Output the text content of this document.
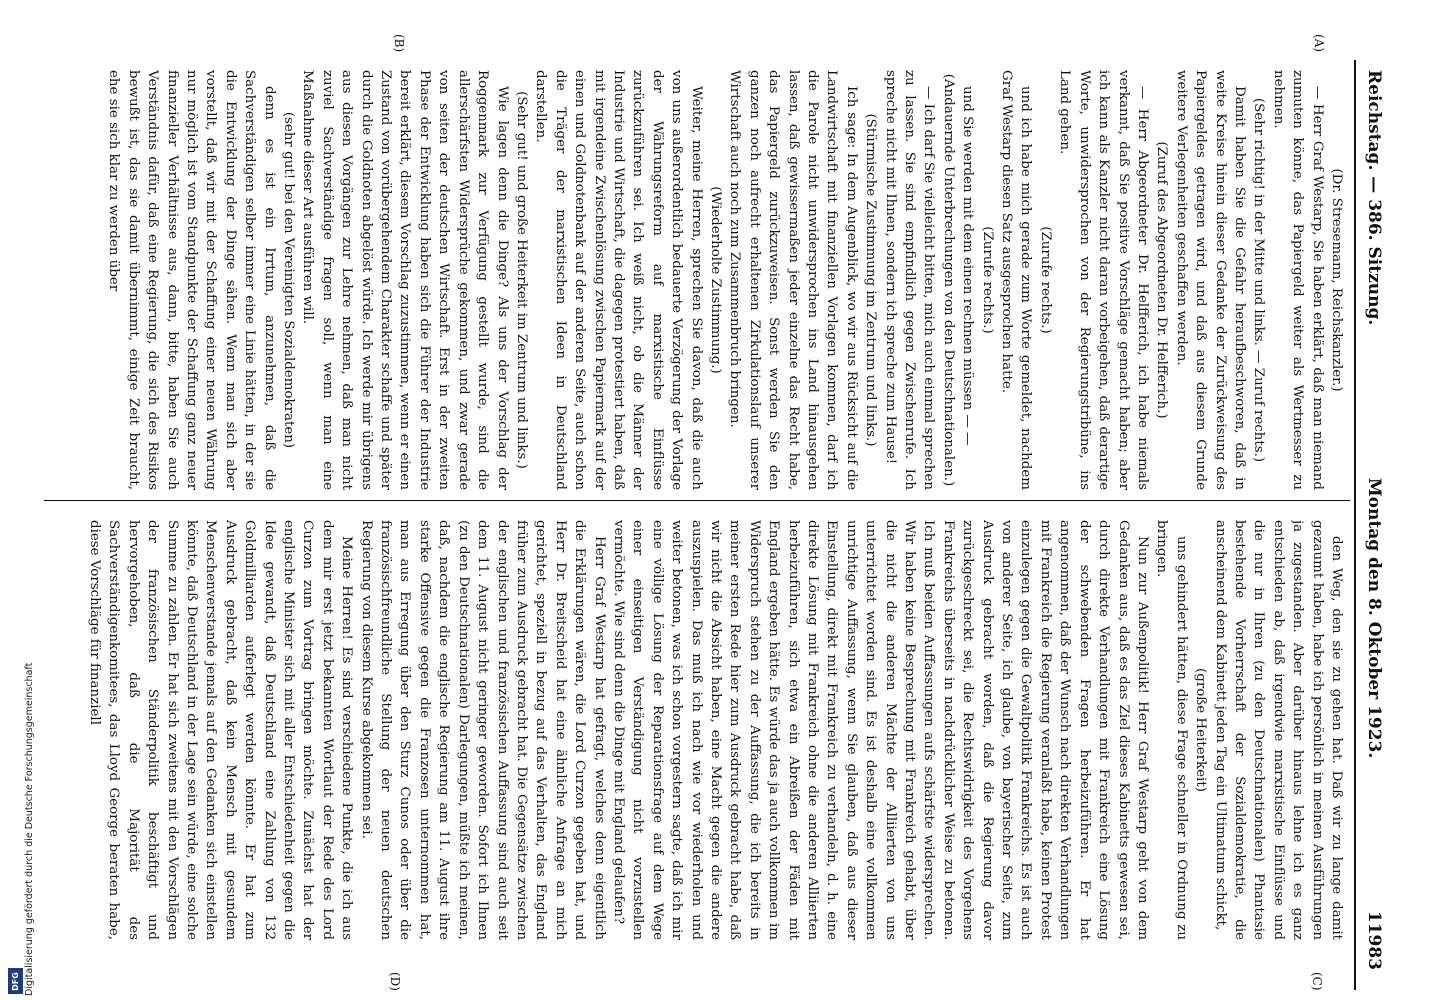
Digitalisierung gefördert durch die Deutsche Forschungsgemeinschaft
DFG
Reichstag. — 386. Sitzung.
Montag den 8. Oktober 1923.
11983
(A)
(B)
(C)
(D)

(Dr. Stresemann, Reichskanzler.)

— Herr Graf Westarp, Sie haben erklärt, daß man niemand zumuten könne, das Papiergeld weiter als Wertmesser zu nehmen.

(Sehr richtig! in der Mitte und links. — Zuruf rechts.)

Damit haben Sie die Gefahr heraufbeschworen, daß in weite Kreise hinein dieser Gedanke der Zurückweisung des Papiergeldes getragen wird, und daß aus diesem Grunde weitere Verlegenheiten geschaffen werden.

(Zuruf des Abgeordneten Dr. Helfferich.)

— Herr Abgeordneter Dr. Helfferich, ich habe niemals verkannt, daß Sie positive Vorschläge gemacht haben; aber ich kann als Kanzler nicht daran vorbeigehen, daß derartige Worte, unwidersprochen von der Regierungstribüne, ins Land gehen.

(Zurufe rechts.)

und ich habe mich gerade zum Worte gemeldet, nachdem Graf Westarp diesen Satz ausgesprochen hatte.

(Zurufe rechts.)

und Sie werden mit dem einen rechnen müssen — —

(Andauernde Unterbrechungen von den Deutschnationalen.)

— Ich darf Sie vielleicht bitten, mich auch einmal sprechen zu lassen. Sie sind empfindlich gegen Zwischenrufe. Ich spreche nicht mit Ihnen, sondern ich spreche zum Hause!

(Stürmische Zustimmung im Zentrum und links.)

Ich sage: In dem Augenblick, wo wir aus Rücksicht auf die Landwirtschaft mit finanziellen Vorlagen kommen, darf ich die Parole nicht unwidersprochen ins Land hinausgehen lassen, daß gewissermaßen jeder einzelne das Recht habe, das Papiergeld zurückzuweisen. Sonst werden Sie den ganzen noch aufrecht erhaltenen Zirkulationslauf unserer Wirtschaft auch noch zum Zusammenbruch bringen.

(Wiederholte Zustimmung.)

Weiter, meine Herren, sprechen Sie davon, daß die auch von uns außerordentlich bedauerte Verzögerung der Vorlage der Währungsreform auf marxistische Einflüsse zurückzuführen sei. Ich weiß nicht, ob die Männer der Industrie und Wirtschaft, die dagegen protestiert haben, daß mit irgendeine Zwischenlösung zwischen Papiermark auf der einen und Goldnotenbank auf der anderen Seite, auch schon die Träger der marxistischen Ideen in Deutschland darstellen.

(Sehr gut! und große Heiterkeit im Zentrum und links.)

Wie lagen denn die Dinge? Als uns der Vorschlag der Roggenmark zur Verfügung gestellt wurde, sind die allerschärfsten Widersprüche gekommen, und zwar gerade von seiten der deutschen Wirtschaft. Erst in der zweiten Phase der Entwicklung haben sich die Führer der Industrie bereit erklärt, diesem Vorschlag zuzustimmen, wenn er einen Zustand von vorübergehendem Charakter schaffe und später durch die Goldnoten abgelöst würde. Ich werde mir übrigens aus diesen Vorgängen zur Lehre nehmen, daß man nicht zuviel Sachverständige fragen soll, wenn man eine Maßnahme dieser Art ausführen will.

(sehr gut! bei den Vereinigten Sozialdemokraten)

denn es ist ein Irrtum, anzunehmen, daß die Sachverständigen selber immer eine Linie hätten, in der sie die Entwicklung der Dinge sähen. Wenn man sich aber vorstellt, daß wir mit der Schaffung einer neuen Währung nur möglich ist vom Standpunkte der Schaffung ganz neuer finanzieller Verhältnisse aus, dann, bitte, haben Sie auch Verständnis dafür, daß eine Regierung, die sich des Risikos bewußt ist, das sie damit übernimmt, einige Zeit braucht, ehe sie sich klar zu werden über

den Weg, den sie zu gehen hat. Daß wir zu lange damit gezaumt haben, habe ich persönlich in meinen Ausführungen ja zugestanden. Aber darüber hinaus lehne ich es ganz entschieden ab, daß irgendwie marxistische Einflüsse und die nur in Ihren (zu den Deutschnationalen) Phantasie bestehende Vorherrschaft der Sozialdemokratie, die anscheinend dem Kabinett jeden Tag ein Ultimatum schickt,

(große Heiterkeit)

uns gehindert hätten, diese Frage schneller in Ordnung zu bringen.

Nun zur Außenpolitik! Herr Graf Westarp geht von dem Gedanken aus, daß es das Ziel dieses Kabinetts gewesen sei, durch direkte Verhandlungen mit Frankreich eine Lösung der schwebenden Fragen herbeizuführen. Er hat angenommen, daß der Wunsch nach direkten Verhandlungen mit Frankreich die Regierung veranlaßt habe, keinen Protest einzulegen gegen die Gewaltpolitik Frankreichs. Es ist auch von anderer Seite, ich glaube, von bayerischer Seite, zum Ausdruck gebracht worden, daß die Regierung davor zurückgeschreckt sei, die Rechtswidrigkeit des Vorgehens Frankreichs überseits in nachdrücklicher Weise zu betonen. Ich muß beiden Auffassungen aufs schärfste widersprechen. Wir haben keine Besprechung mit Frankreich gehabt, über die nicht die anderen Mächte der Alliierten von uns unterrichtet worden sind. Es ist deshalb eine vollkommen unrichtige Auffassung, wenn Sie glauben, daß aus dieser Einstellung, direkt mit Frankreich zu verhandeln, d. h. eine direkte Lösung mit Frankreich ohne die anderen Alliierten herbeizuführen, sich etwa ein Abreißen der Fäden mit England ergeben hätte. Es würde das ja auch vollkommen im Widerspruch stehen zu der Auffassung, die ich bereits in meiner ersten Rede hier zum Ausdruck gebracht habe, daß wir nicht die Absicht haben, eine Macht gegen die andere auszuspielen. Das muß ich nach wie vor wiederholen und weiter betonen, was ich schon vorgestern sagte, daß ich mir eine völlige Lösung der Reparationsfrage auf dem Wege einer einseitigen Verständigung nicht vorzustellen vermöchte. Wie sind denn die Dinge mit England gelaufen?

Herr Graf Westarp hat gefragt, welches denn eigentlich die Erklärungen wären, die Lord Curzon gegeben hat, und Herr Dr. Breitscheid hat eine ähnliche Anfrage an mich gerichtet, speziell in bezug auf das Verhalten, das England früher zum Ausdruck gebracht hat. Die Gegensätze zwischen der englischen und französischen Auffassung sind auch seit dem 11. August nicht geringer geworden. Sofort ich Ihnen (zu den Deutschnationalen) Darlegungen, müßte ich meinen, daß, nachdem die englische Regierung am 11. August ihre starke Offensive gegen die Franzosen unternommen hat, man aus Erregung über den Sturz Cunos oder über die französischfreundliche Stellung der neuen deutschen Regierung von diesem Kurse abgekommen sei.

Meine Herren! Es sind verschiedene Punkte, die ich aus dem mir erst jetzt bekannten Wortlaut der Rede des Lord Curzon zum Vortrag bringen möchte. Zunächst hat der englische Minister sich mit aller Entschiedenheit gegen die Idee gewandt, daß Deutschland eine Zahlung von 132 Goldmilliarden auferlegt werden könnte. Er hat zum Ausdruck gebracht, daß kein Mensch mit gesundem Menschenverstande jemals auf den Gedanken sich einstellen könnte, daß Deutschland in der Lage sein würde, eine solche Summe zu zahlen. Er hat sich zweitens mit den Vorschlägen der französischen Ständerpolitik beschäftigt und hervorgehoben, daß die Majorität des Sachverständigenkomitees, das Lloyd George beraten habe, diese Vorschläge für finanziell
